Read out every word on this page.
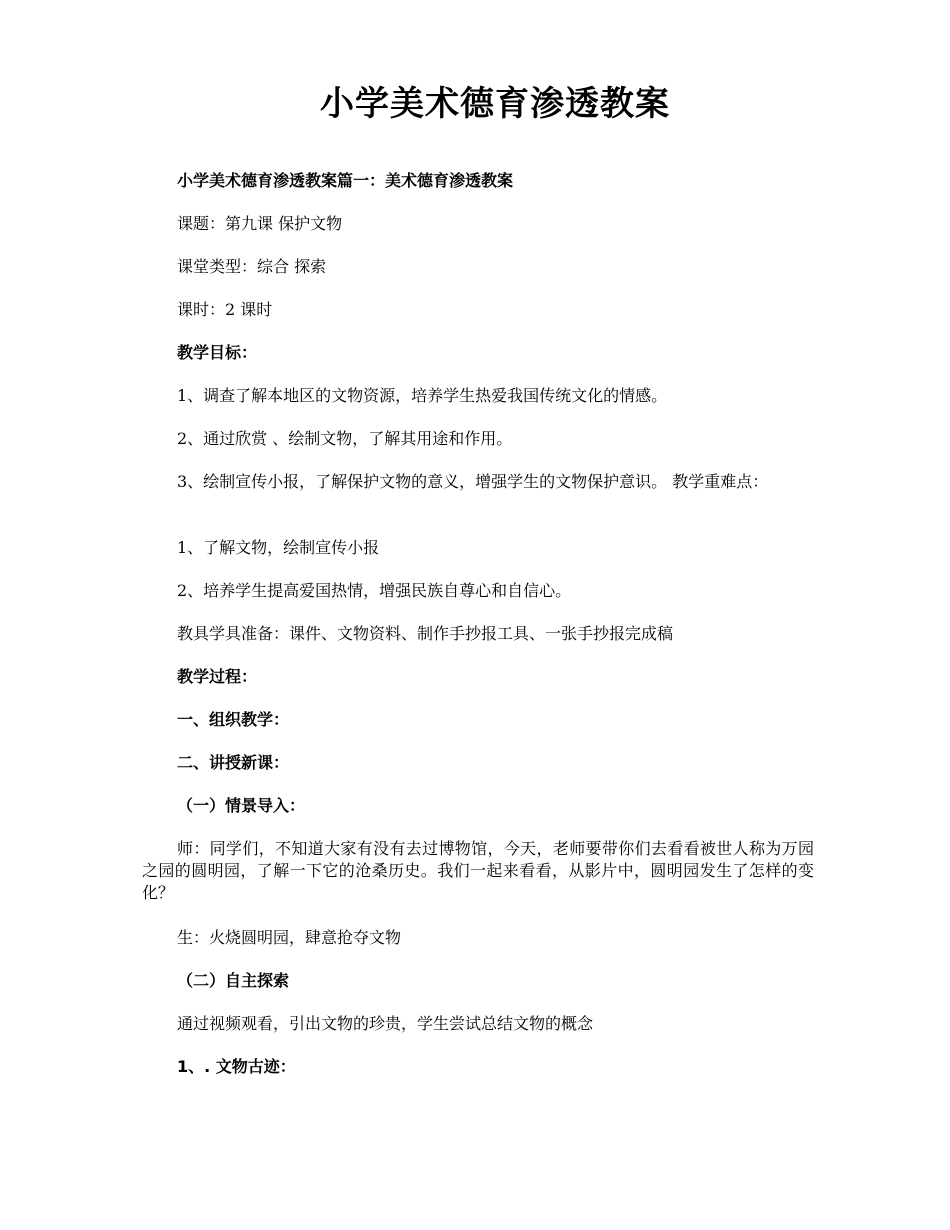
小学美术德育渗透教案

小学美术德育渗透教案篇一：美术德育渗透教案

课题：第九课 保护文物

课堂类型：综合 探索

课时：2 课时

教学目标：

1、调查了解本地区的文物资源，培养学生热爱我国传统文化的情感。

2、通过欣赏 、绘制文物，了解其用途和作用。

3、绘制宣传小报，了解保护文物的意义，增强学生的文物保护意识。 教学重难点：

1、了解文物，绘制宣传小报

2、培养学生提高爱国热情，增强民族自尊心和自信心。

教具学具准备：课件、文物资料、制作手抄报工具、一张手抄报完成稿

教学过程：

一、组织教学：

二、讲授新课：

（一）情景导入：

师：同学们，不知道大家有没有去过博物馆，今天，老师要带你们去看看被世人称为万园之园的圆明园，了解一下它的沧桑历史。我们一起来看看，从影片中，圆明园发生了怎样的变化？

生：火烧圆明园，肆意抢夺文物

（二）自主探索

通过视频观看，引出文物的珍贵，学生尝试总结文物的概念

1、. 文物古迹：
